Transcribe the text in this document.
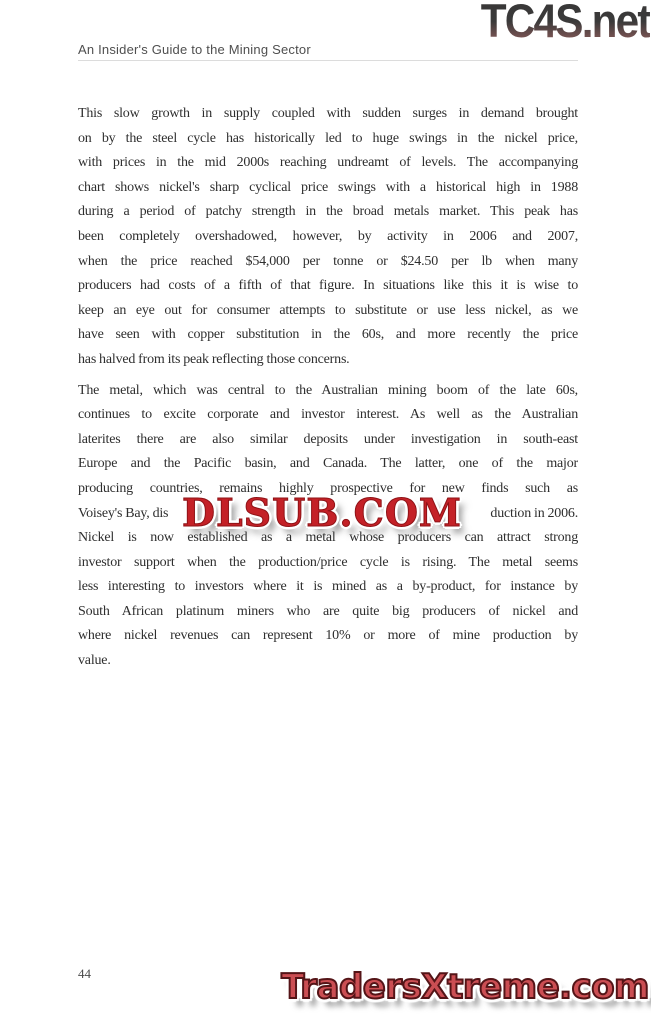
An Insider's Guide to the Mining Sector
TC4S.net
This slow growth in supply coupled with sudden surges in demand brought
on by the steel cycle has historically led to huge swings in the nickel price,
with prices in the mid 2000s reaching undreamt of levels. The accompanying
chart shows nickel's sharp cyclical price swings with a historical high in 1988
during a period of patchy strength in the broad metals market. This peak has
been completely overshadowed, however, by activity in 2006 and 2007,
when the price reached $54,000 per tonne or $24.50 per lb when many
producers had costs of a fifth of that figure. In situations like this it is wise to
keep an eye out for consumer attempts to substitute or use less nickel, as we
have seen with copper substitution in the 60s, and more recently the price
has halved from its peak reflecting those concerns.
The metal, which was central to the Australian mining boom of the late 60s,
continues to excite corporate and investor interest. As well as the Australian
laterites there are also similar deposits under investigation in south-east
Europe and the Pacific basin, and Canada. The latter, one of the major
producing countries, remains highly prospective for new finds such as
Voisey's Bay, dis	duction in 2006.
Nickel is now established as a metal whose producers can attract strong
investor support when the production/price cycle is rising. The metal seems
less interesting to investors where it is mined as a by-product, for instance by
South African platinum miners who are quite big producers of nickel and
where nickel revenues can represent 10% or more of mine production by
value.
DLSUB.COM
44	TradersXtreme.com
